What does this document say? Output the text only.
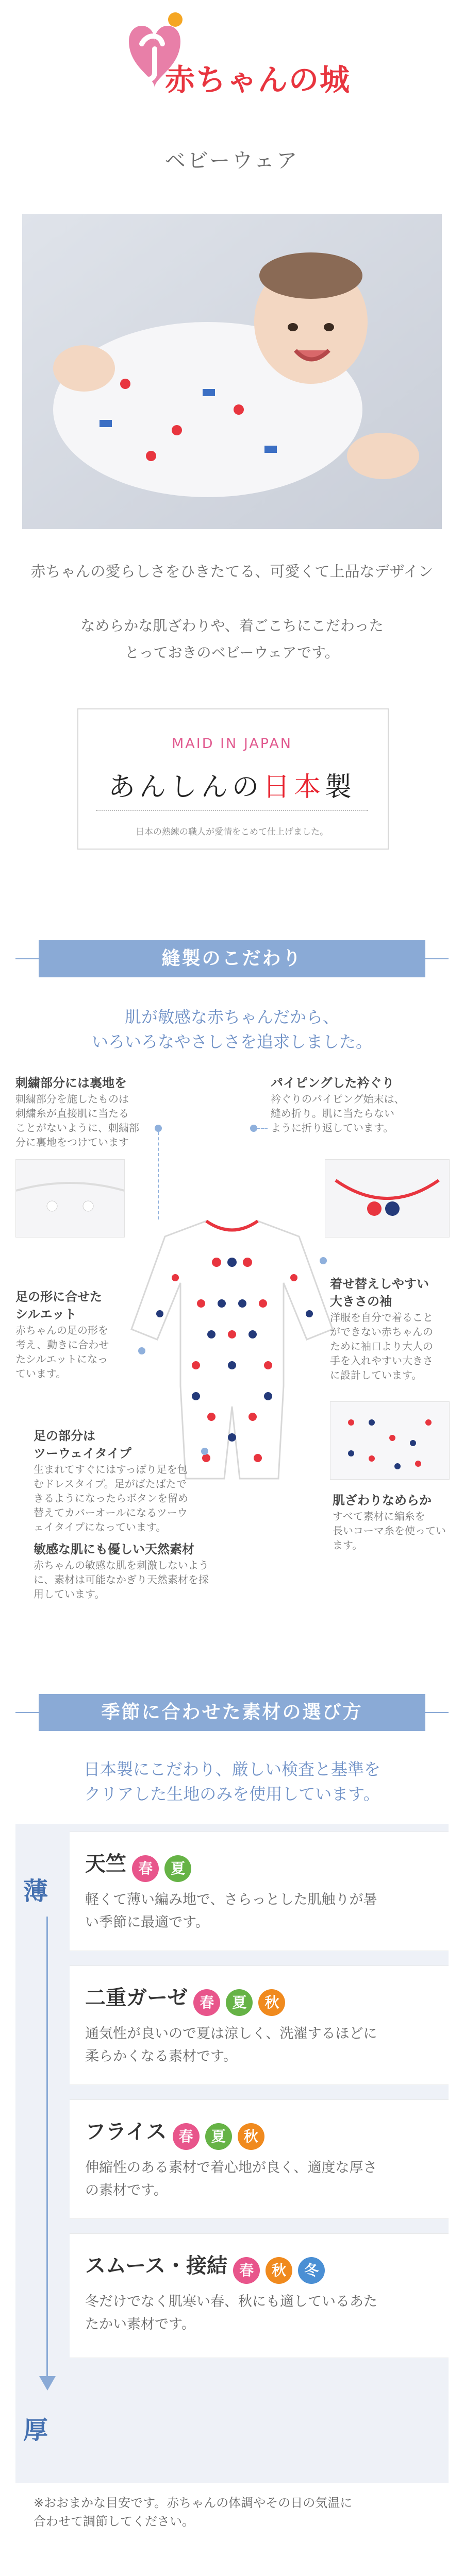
赤ちゃんの城
ベビーウェア
赤ちゃんの愛らしさをひきたてる、可愛くて上品なデザイン
なめらかな肌ざわりや、着ごこちにこだわった
とっておきのベビーウェアです。
MAID IN JAPAN
あんしんの日本製
日本の熟練の職人が愛情をこめて仕上げました。
縫製のこだわり
肌が敏感な赤ちゃんだから、
いろいろなやさしさを追求しました。
刺繍部分には裏地を
刺繍部分を施したものは
刺繍糸が直接肌に当たる
ことがないように、刺繍部
分に裏地をつけています
パイピングした衿ぐり
衿ぐりのパイピング始末は、
縫め折り。肌に当たらない
ように折り返しています。
足の形に合せた
シルエット
赤ちゃんの足の形を
考え、動きに合わせ
たシルエットになっ
ています。
着せ替えしやすい
大きさの袖
洋服を自分で着ること
ができない赤ちゃんの
ために袖口より大人の
手を入れやすい大きさ
に設計しています。
足の部分は
ツーウェイタイプ
生まれてすぐにはすっぽり足を包
むドレスタイプ。足がばたばたで
きるようになったらボタンを留め
替えてカバーオールになるツーウ
ェイタイプになっています。
肌ざわりなめらか
すべて素材に編糸を
長いコーマ糸を使ってい
ます。
敏感な肌にも優しい天然素材
赤ちゃんの敏感な肌を刺激しないよう
に、素材は可能なかぎり天然素材を採
用しています。
季節に合わせた素材の選び方
日本製にこだわり、厳しい検査と基準を
クリアした生地のみを使用しています。
薄
厚
天竺 春 夏
軽くて薄い編み地で、さらっとした肌触りが暑
い季節に最適です。
二重ガーゼ 春 夏 秋
通気性が良いので夏は涼しく、洗濯するほどに
柔らかくなる素材です。
フライス 春 夏 秋
伸縮性のある素材で着心地が良く、適度な厚さ
の素材です。
スムース・接結 春 秋 冬
冬だけでなく肌寒い春、秋にも適しているあた
たかい素材です。
※おおまかな目安です。赤ちゃんの体調やその日の気温に
合わせて調節してください。
